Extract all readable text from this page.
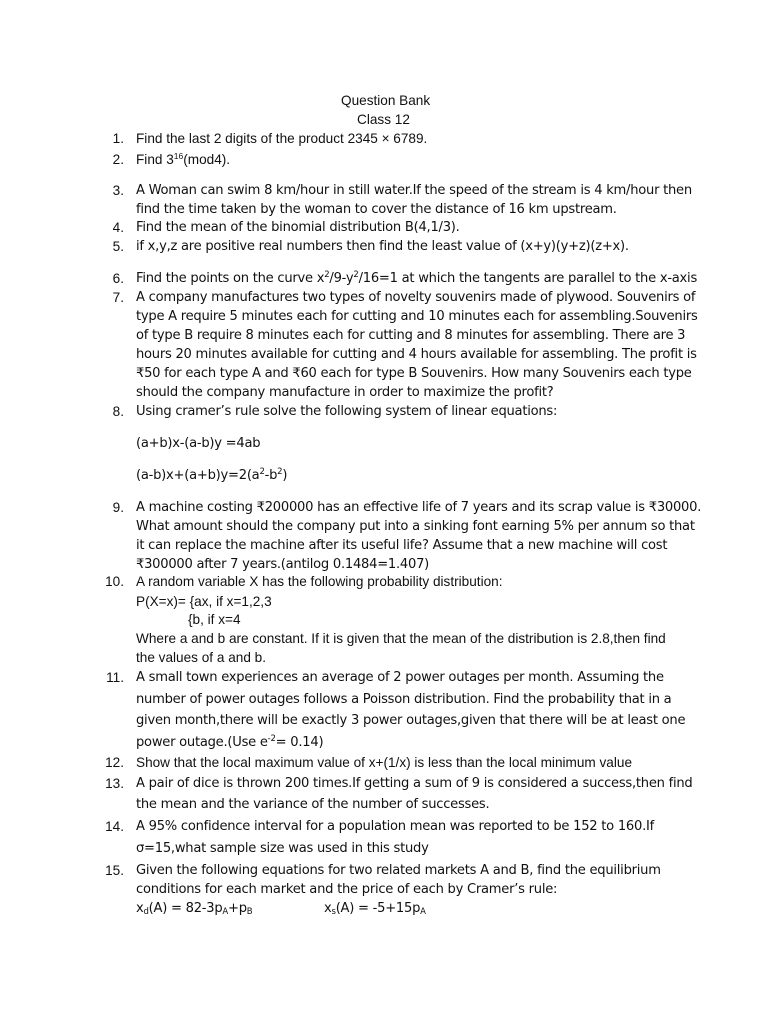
Question Bank
Class 12
1. Find the last 2 digits of the product 2345 × 6789.
2. Find $3^{16}(mod4)$.
3. A Woman can swim 8 km/hour in still water.If the speed of the stream is 4 km/hour then
find the time taken by the woman to cover the distance of 16 km upstream.
4. Find the mean of the binomial distribution B(4,1/3).
5. if x,y,z are positive real numbers then find the least value of (x+y)(y+z)(z+x).
6. Find the points on the curve $x^2/9-y^2/16=1$ at which the tangents are parallel to the x-axis
7. A company manufactures two types of novelty souvenirs made of plywood. Souvenirs of
type A require 5 minutes each for cutting and 10 minutes each for assembling.Souvenirs
of type B require 8 minutes each for cutting and 8 minutes for assembling. There are 3
hours 20 minutes available for cutting and 4 hours available for assembling. The profit is
₹50 for each type A and ₹60 each for type B Souvenirs. How many Souvenirs each type
should the company manufacture in order to maximize the profit?
8. Using cramer’s rule solve the following system of linear equations:
(a+b)x-(a-b)y =4ab
$(a-b)x+(a+b)y=2(a^2-b^2)$
9. A machine costing ₹200000 has an effective life of 7 years and its scrap value is ₹30000.
What amount should the company put into a sinking font earning 5% per annum so that
it can replace the machine after its useful life? Assume that a new machine will cost
₹300000 after 7 years.(antilog 0.1484=1.407)
10. A random variable X has the following probability distribution:
P(X=x)= {ax, if x=1,2,3
{b, if x=4
Where a and b are constant. If it is given that the mean of the distribution is 2.8,then find
the values of a and b.
11. A small town experiences an average of 2 power outages per month. Assuming the
number of power outages follows a Poisson distribution. Find the probability that in a
given month,there will be exactly 3 power outages,given that there will be at least one
power outage.(Use $e^{-2}= 0.14$)
12. Show that the local maximum value of x+(1/x) is less than the local minimum value
13. A pair of dice is thrown 200 times.If getting a sum of 9 is considered a success,then find
the mean and the variance of the number of successes.
14. A 95% confidence interval for a population mean was reported to be 152 to 160.If
σ=15,what sample size was used in this study
15. Given the following equations for two related markets A and B, find the equilibrium
conditions for each market and the price of each by Cramer’s rule:
$x_d(A) = 82-3p_A+p_B$	$x_s(A) = -5+15p_A$
